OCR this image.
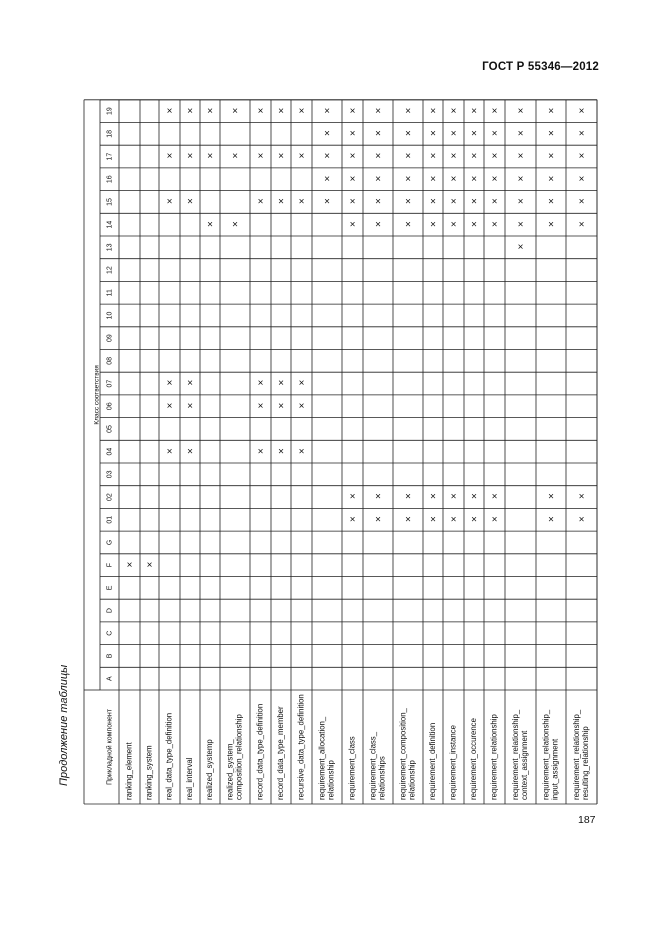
ГОСТ Р 55346—2012
Продолжение таблицы
187
Прикладной компонент
Класс соответствия
A
B
C
D
E
F
G
01
02
03
04
05
06
07
08
09
10
11
12
13
14
15
16
17
18
19
ranking_element
×
ranking_system
×
real_data_type_definition
×
×
×
×
×
×
real_interval
×
×
×
×
×
×
realized_systemp
×
×
×
realized_system_ composition_relationship
×
×
×
record_data_type_definition
×
×
×
×
×
×
record_data_type_member
×
×
×
×
×
×
recursive_data_type_definition
×
×
×
×
×
×
requirement_allocation_ relationship
×
×
×
×
×
requirement_class
×
×
×
×
×
×
×
×
requirement_class_ relationships
×
×
×
×
×
×
×
×
requirement_composition_ relationship
×
×
×
×
×
×
×
×
requirement_definition
×
×
×
×
×
×
×
×
requirement_instance
×
×
×
×
×
×
×
×
requirement_occurence
×
×
×
×
×
×
×
×
requirement_relationship
×
×
×
×
×
×
×
×
requirement_relationship_ context_assignment
×
×
×
×
×
×
×
requirement_relationship_ input_assignment
×
×
×
×
×
×
×
×
requirement_relationship_ resulting_relationship
×
×
×
×
×
×
×
×
